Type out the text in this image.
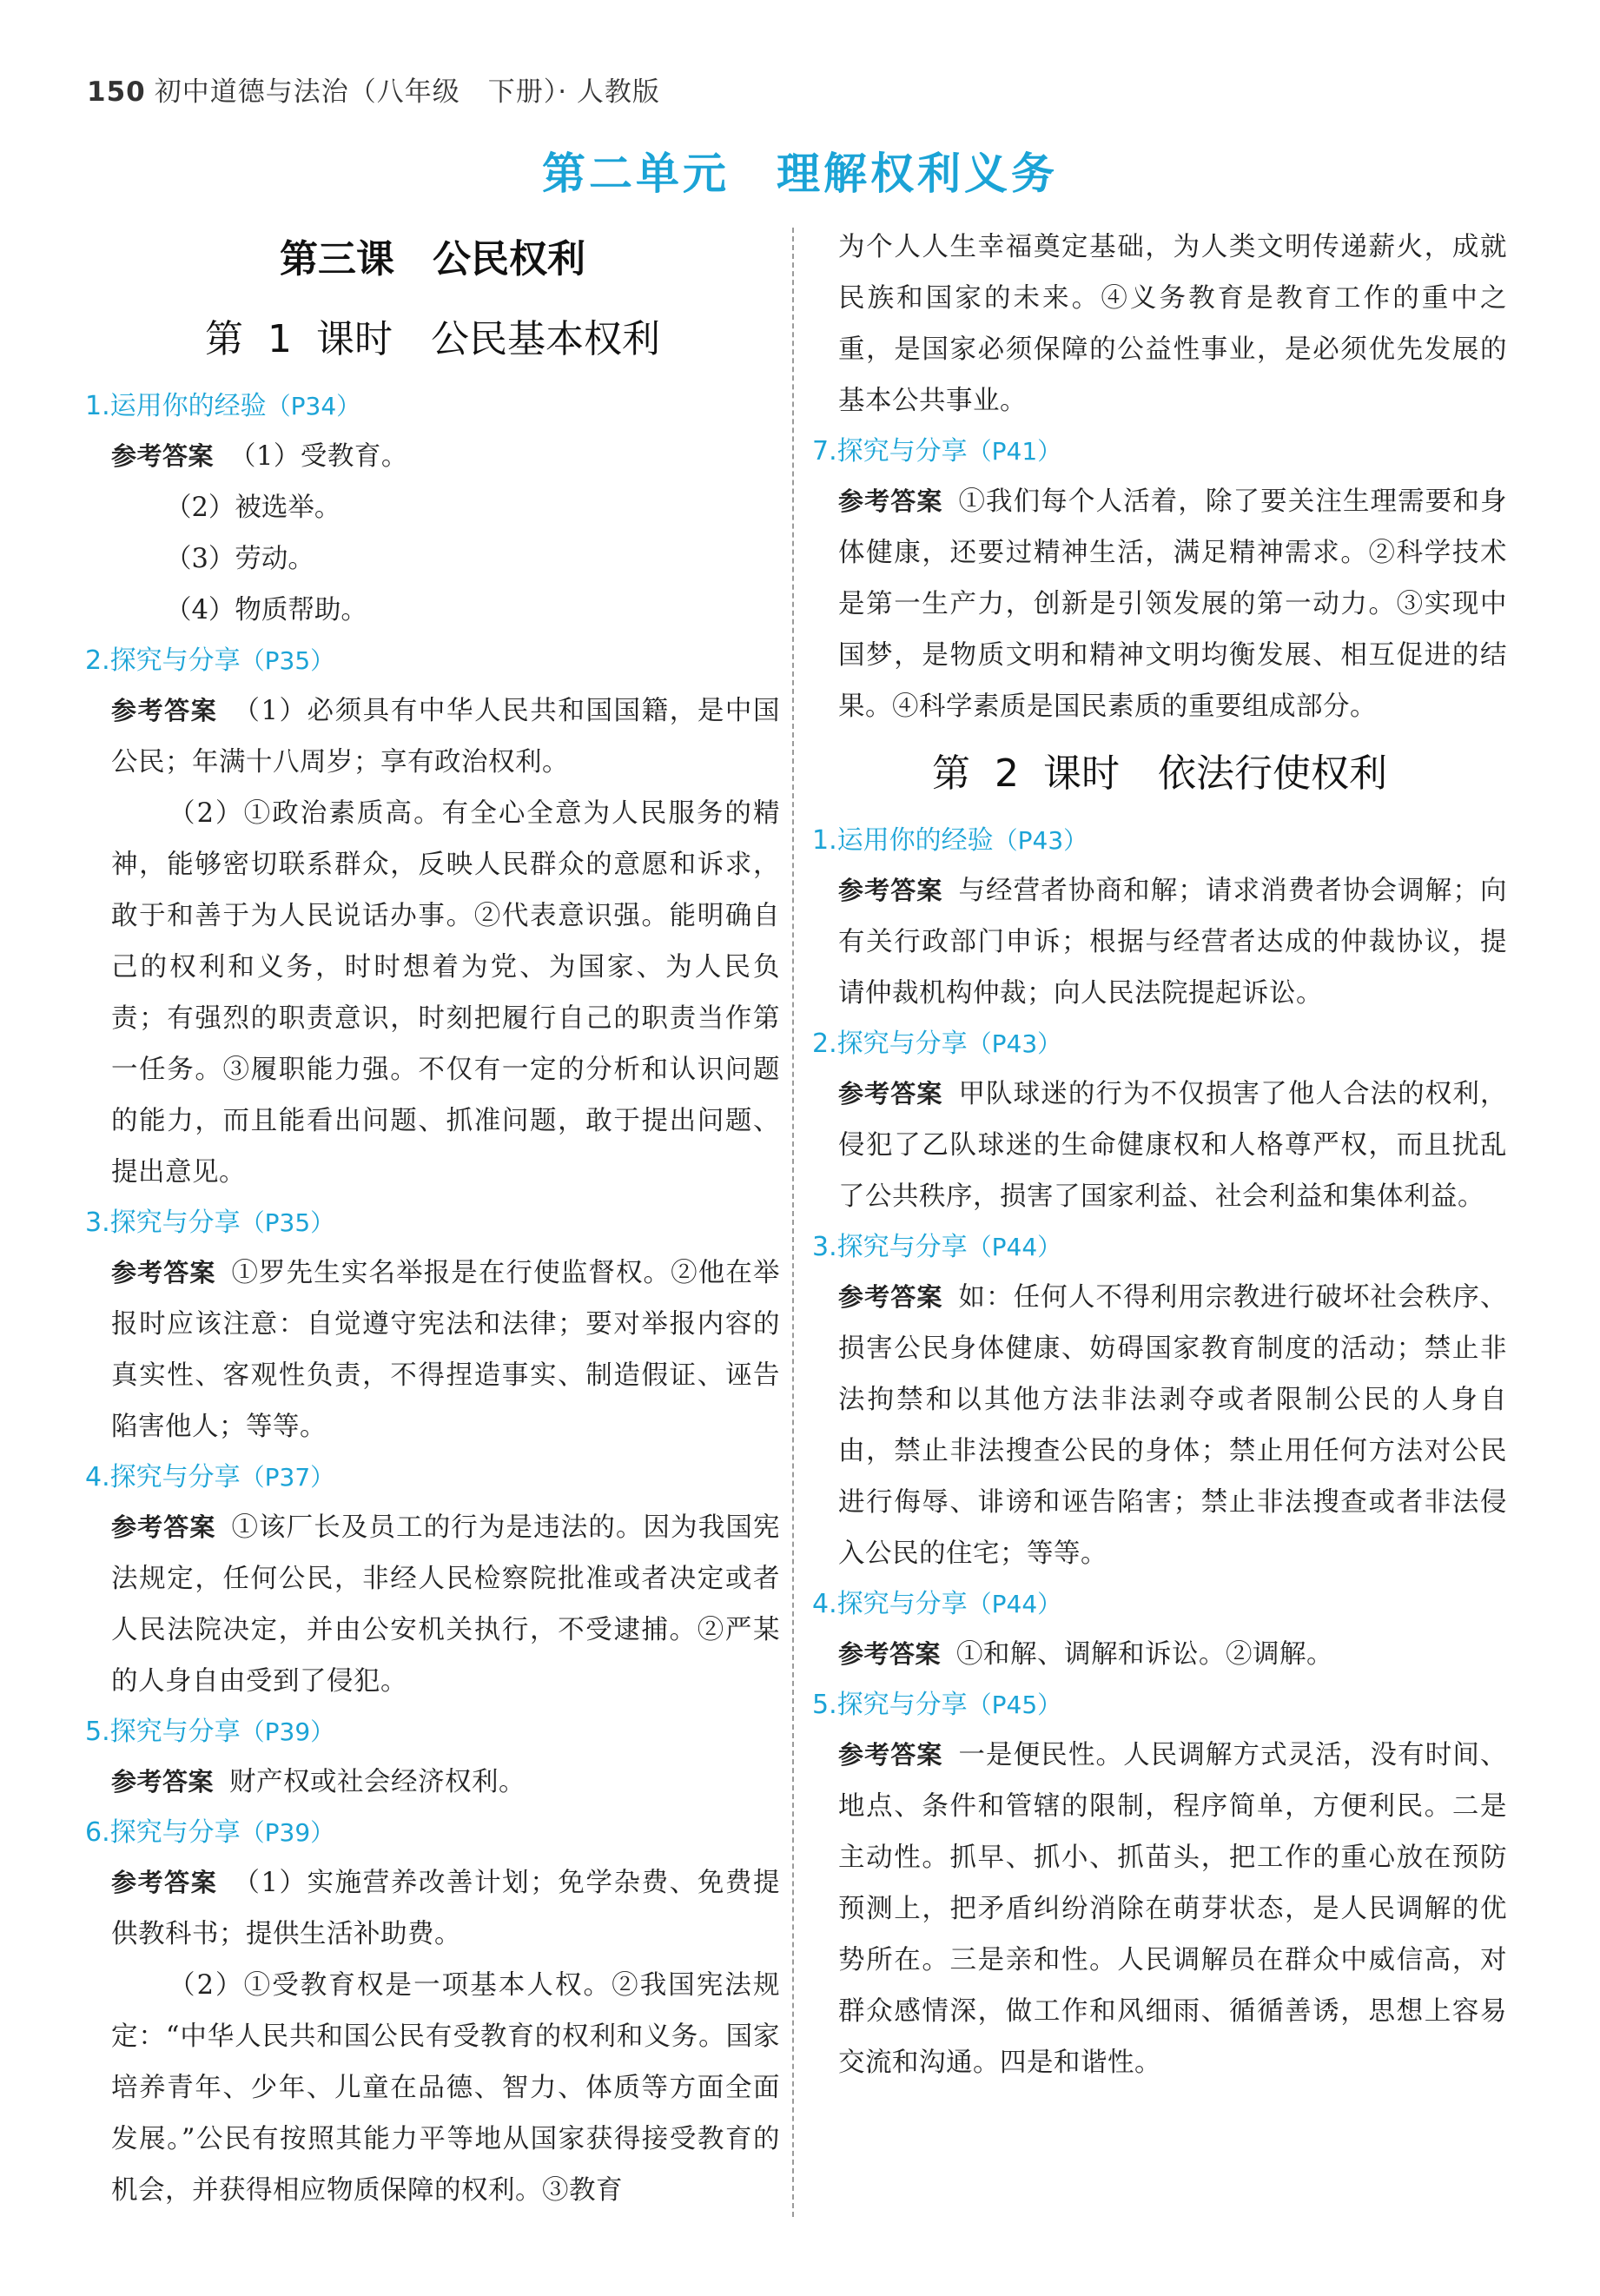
150 初中道德与法治（八年级　下册）· 人教版
第二单元　理解权利义务
第三课　公民权利
第 1 课时　公民基本权利
1.运用你的经验（P34）

参考答案 （1）受教育。

（2）被选举。

（3）劳动。

（4）物质帮助。

2.探究与分享（P35）

参考答案 （1）必须具有中华人民共和国国籍，是中国公民；年满十八周岁；享有政治权利。

（2）①政治素质高。有全心全意为人民服务的精神，能够密切联系群众，反映人民群众的意愿和诉求，敢于和善于为人民说话办事。②代表意识强。能明确自己的权利和义务，时时想着为党、为国家、为人民负责；有强烈的职责意识，时刻把履行自己的职责当作第一任务。③履职能力强。不仅有一定的分析和认识问题的能力，而且能看出问题、抓准问题，敢于提出问题、提出意见。

3.探究与分享（P35）

参考答案 ①罗先生实名举报是在行使监督权。②他在举报时应该注意：自觉遵守宪法和法律；要对举报内容的真实性、客观性负责，不得捏造事实、制造假证、诬告陷害他人；等等。

4.探究与分享（P37）

参考答案 ①该厂长及员工的行为是违法的。因为我国宪法规定，任何公民，非经人民检察院批准或者决定或者人民法院决定，并由公安机关执行，不受逮捕。②严某的人身自由受到了侵犯。

5.探究与分享（P39）

参考答案 财产权或社会经济权利。

6.探究与分享（P39）

参考答案 （1）实施营养改善计划；免学杂费、免费提供教科书；提供生活补助费。

（2）①受教育权是一项基本人权。②我国宪法规定：“中华人民共和国公民有受教育的权利和义务。国家培养青年、少年、儿童在品德、智力、体质等方面全面发展。”公民有按照其能力平等地从国家获得接受教育的机会，并获得相应物质保障的权利。③教育

为个人人生幸福奠定基础，为人类文明传递薪火，成就民族和国家的未来。④义务教育是教育工作的重中之重，是国家必须保障的公益性事业，是必须优先发展的基本公共事业。

7.探究与分享（P41）

参考答案 ①我们每个人活着，除了要关注生理需要和身体健康，还要过精神生活，满足精神需求。②科学技术是第一生产力，创新是引领发展的第一动力。③实现中国梦，是物质文明和精神文明均衡发展、相互促进的结果。④科学素质是国民素质的重要组成部分。

第 2 课时　依法行使权利
1.运用你的经验（P43）

参考答案 与经营者协商和解；请求消费者协会调解；向有关行政部门申诉；根据与经营者达成的仲裁协议，提请仲裁机构仲裁；向人民法院提起诉讼。

2.探究与分享（P43）

参考答案 甲队球迷的行为不仅损害了他人合法的权利，侵犯了乙队球迷的生命健康权和人格尊严权，而且扰乱了公共秩序，损害了国家利益、社会利益和集体利益。

3.探究与分享（P44）

参考答案 如：任何人不得利用宗教进行破坏社会秩序、损害公民身体健康、妨碍国家教育制度的活动；禁止非法拘禁和以其他方法非法剥夺或者限制公民的人身自由，禁止非法搜查公民的身体；禁止用任何方法对公民进行侮辱、诽谤和诬告陷害；禁止非法搜查或者非法侵入公民的住宅；等等。

4.探究与分享（P44）

参考答案 ①和解、调解和诉讼。②调解。

5.探究与分享（P45）

参考答案 一是便民性。人民调解方式灵活，没有时间、地点、条件和管辖的限制，程序简单，方便利民。二是主动性。抓早、抓小、抓苗头，把工作的重心放在预防预测上，把矛盾纠纷消除在萌芽状态，是人民调解的优势所在。三是亲和性。人民调解员在群众中威信高，对群众感情深，做工作和风细雨、循循善诱，思想上容易交流和沟通。四是和谐性。
